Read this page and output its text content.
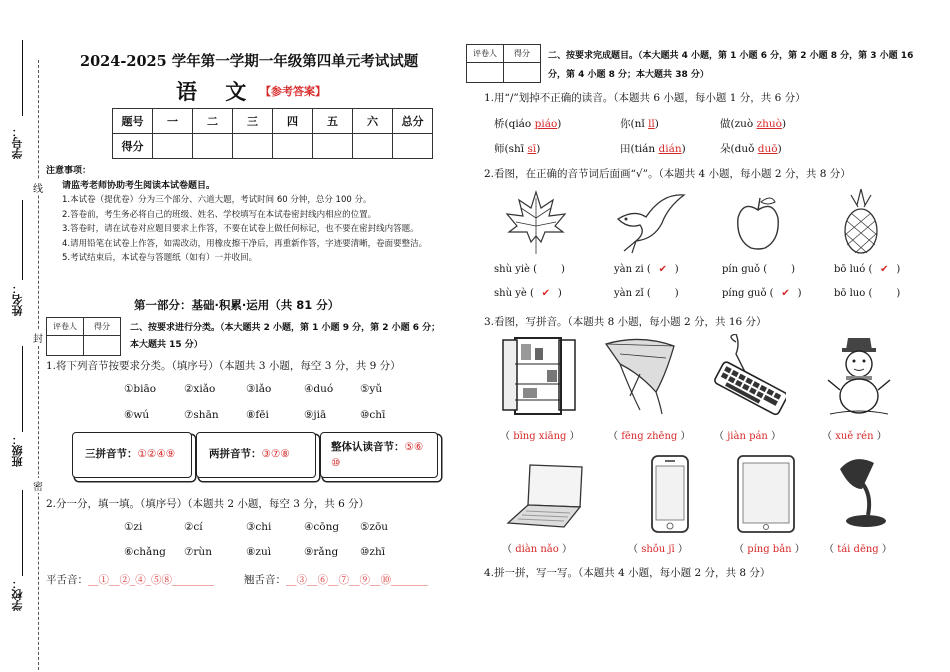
线
封
密
学号：
姓名：
班级：
学校：
2024-2025 学年第一学期一年级第四单元考试试题
语　 文 【参考答案】
题号	一	二	三	四	五	六	总分
得分							
注意事项：
请监考老师协助考生阅读本试卷题目。
1.本试卷（提优卷）分为三个部分、六道大题，考试时间 60 分钟，总分 100 分。
2.答卷前，考生务必将自己的班级、姓名、学校填写在本试卷密封线内相应的位置。
3.答卷时，请在试卷对应题目要求上作答，不要在试卷上做任何标记，也不要在密封线内答题。
4.请用铅笔在试卷上作答，如需改动，用橡皮擦干净后，再重新作答，字迹要清晰，卷面要整洁。
5.考试结束后，本试卷与答题纸（如有）一并收回。
第一部分：基础·积累·运用（共 81 分）
评卷人	得分
	二、按要求进行分类。（本大题共 2 小题，第 1 小题 9 分，第 2 小题 6 分；
本大题共 15 分）
1.将下列音节按要求分类。（填序号）（本题共 3 小题，每空 3 分，共 9 分）
①biāo	②xiǎo	③lǎo	④duó	⑤yǔ
⑥wú	⑦shān	⑧fēi	⑨jiā	⑩chī
三拼音节：①②④⑨	两拼音节：③⑦⑧
整体认读音节：⑤⑥
⑩
2.分一分，填一填。（填序号）（本题共 2 小题，每空 3 分，共 6 分）
①zi	②cí	③chi	④cōng ⑤zōu
⑥chǎng ⑦rùn	⑧zuì	⑨rǎng ⑩zhī
平舌音：__①__②_④_⑤⑧________	翘舌音：__③__⑥__⑦__⑨__⑩_______
评卷人	得分
	二、按要求完成题目。（本大题共 4 小题，第 1 小题 6 分，第 2 小题 8 分，第 3 小题 16
分，第 4 小题 8 分；本大题共 38 分）
1.用“/”划掉不正确的读音。（本题共 6 小题，每小题 1 分，共 6 分）
桥(qiáo piáo)	你(nǐ lǐ)	做(zuò zhuò)
师(shī sī)	田(tián dián)	朵(duǒ duō)
2.看图，在正确的音节词后面画“√”。（本题共 4 小题，每小题 2 分，共 8 分）
shù yiè ( )	yàn zi ( ✔ )	pín guǒ ( )	bō luó ( ✔ )
shù yè ( ✔ )	yàn zǐ ( )	píng guǒ ( ✔ )	bō luo ( )
3.看图，写拼音。（本题共 8 小题，每小题 2 分，共 16 分）
（ bīng xiāng ）	（ fēng zhēng ） （ jiàn pán ）	（ xuě rén ）
（ diàn nǎo ）	（ shǒu jī ）	（ píng bǎn ） （ tái dēng ）
4.拼一拼，写一写。（本题共 4 小题，每小题 2 分，共 8 分）
